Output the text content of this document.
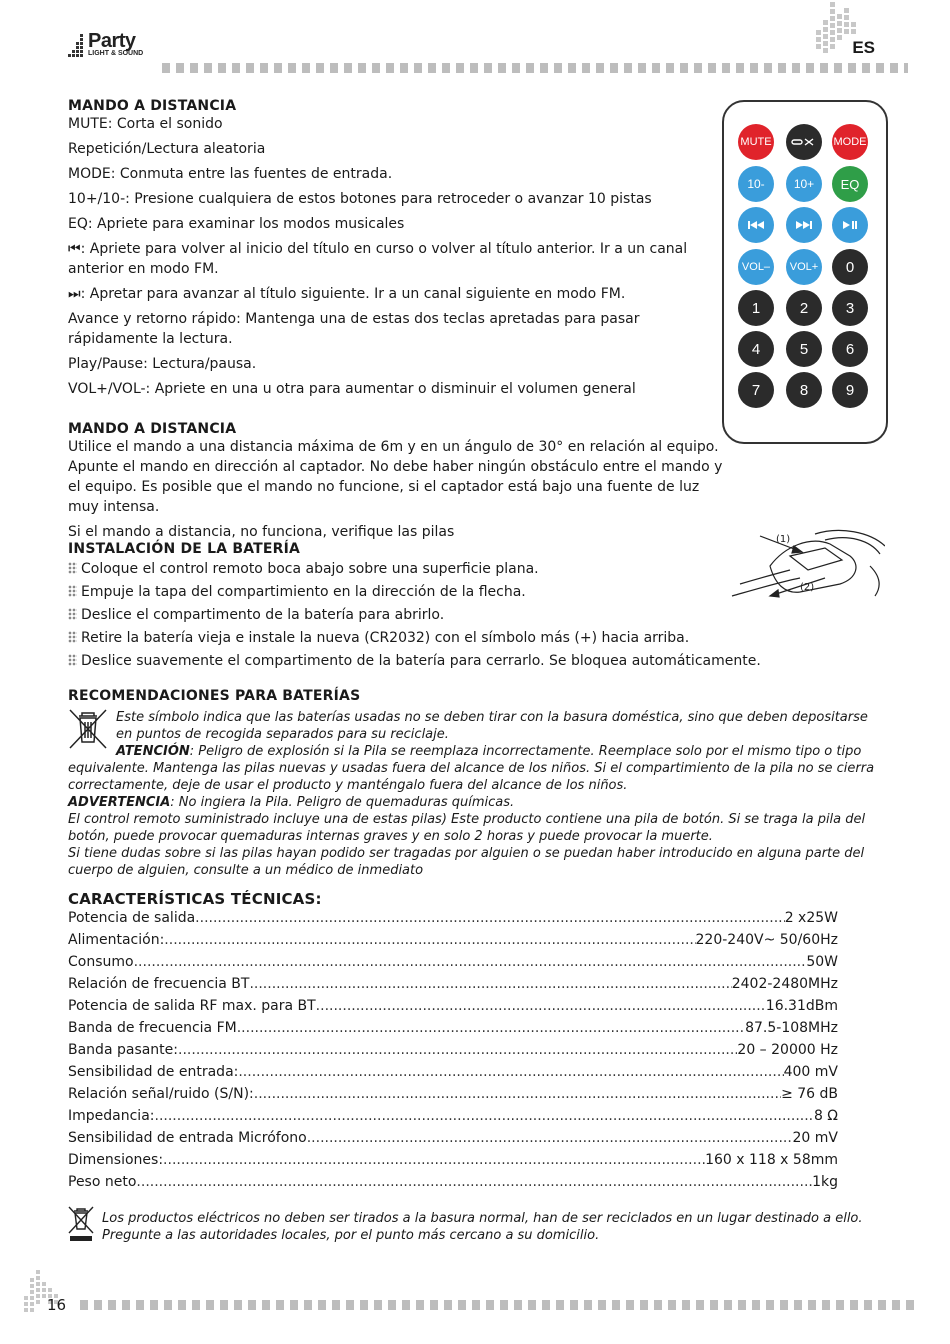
Party
LIGHT & SOUND	ES
MANDO A DISTANCIA
MUTE: Corta el sonido
Repetición/Lectura aleatoria
MODE: Conmuta entre las fuentes de entrada.
10+/10-: Presione cualquiera de estos botones para retroceder o avanzar 10 pistas
EQ: Apriete para examinar los modos musicales
⏮: Apriete para volver al inicio del título en curso o volver al título anterior. Ir a un canal anterior en modo FM.
⏭: Apretar para avanzar al título siguiente. Ir a un canal siguiente en modo FM.
Avance y retorno rápido: Mantenga una de estas dos teclas apretadas para pasar rápidamente la lectura.
Play/Pause: Lectura/pausa.
VOL+/VOL-: Apriete en una u otra para aumentar o disminuir el volumen general
MUTE	MODE
10-	10+	EQ
VOL–	VOL+	0
1	2	3
4	5	6
7	8	9
MANDO A DISTANCIA
Utilice el mando a una distancia máxima de 6m y en un ángulo de 30° en relación al equipo. Apunte el mando en dirección al captador. No debe haber ningún obstáculo entre el mando y el equipo. Es posible que el mando no funcione, si el captador está bajo una fuente de luz muy intensa.
Si el mando a distancia, no funciona, verifique las pilas
INSTALACIÓN DE LA BATERÍA
Coloque el control remoto boca abajo sobre una superficie plana.
Empuje la tapa del compartimiento en la dirección de la flecha.
Deslice el compartimento de la batería para abrirlo.
Retire la batería vieja e instale la nueva (CR2032) con el símbolo más (+) hacia arriba.
Deslice suavemente el compartimento de la batería para cerrarlo. Se bloquea automáticamente.
(1)
(2)
RECOMENDACIONES PARA BATERÍAS
Este símbolo indica que las baterías usadas no se deben tirar con la basura doméstica, sino que deben depositarse en puntos de recogida separados para su reciclaje.
ATENCIÓN: Peligro de explosión si la Pila se reemplaza incorrectamente. Reemplace solo por el mismo tipo o tipo equivalente. Mantenga las pilas nuevas y usadas fuera del alcance de los niños. Si el compartimiento de la pila no se cierra correctamente, deje de usar el producto y manténgalo fuera del alcance de los niños.
ADVERTENCIA: No ingiera la Pila. Peligro de quemaduras químicas.
El control remoto suministrado incluye una de estas pilas) Este producto contiene una pila de botón. Si se traga la pila del botón, puede provocar quemaduras internas graves y en solo 2 horas y puede provocar la muerte.
Si tiene dudas sobre si las pilas hayan podido ser tragadas por alguien o se puedan haber introducido en alguna parte del cuerpo de alguien, consulte a un médico de inmediato
CARACTERÍSTICAS TÉCNICAS:
Potencia de salida .....	2 x25W
Alimentación: .....	220-240V~ 50/60Hz
Consumo .....	50W
Relación de frecuencia BT .....	2402-2480MHz
Potencia de salida RF max. para BT .....	16.31dBm
Banda de frecuencia FM .....	87.5-108MHz
Banda pasante: .....	20 – 20000 Hz
Sensibilidad de entrada: .....	400 mV
Relación señal/ruido (S/N): .....	≥ 76 dB
Impedancia: .....	8 Ω
Sensibilidad de entrada Micrófono .....	20 mV
Dimensiones: .....	160 x 118 x 58mm
Peso neto .....	1kg
Los productos eléctricos no deben ser tirados a la basura normal, han de ser reciclados en un lugar destinado a ello. Pregunte a las autoridades locales, por el punto más cercano a su domicilio.
16
